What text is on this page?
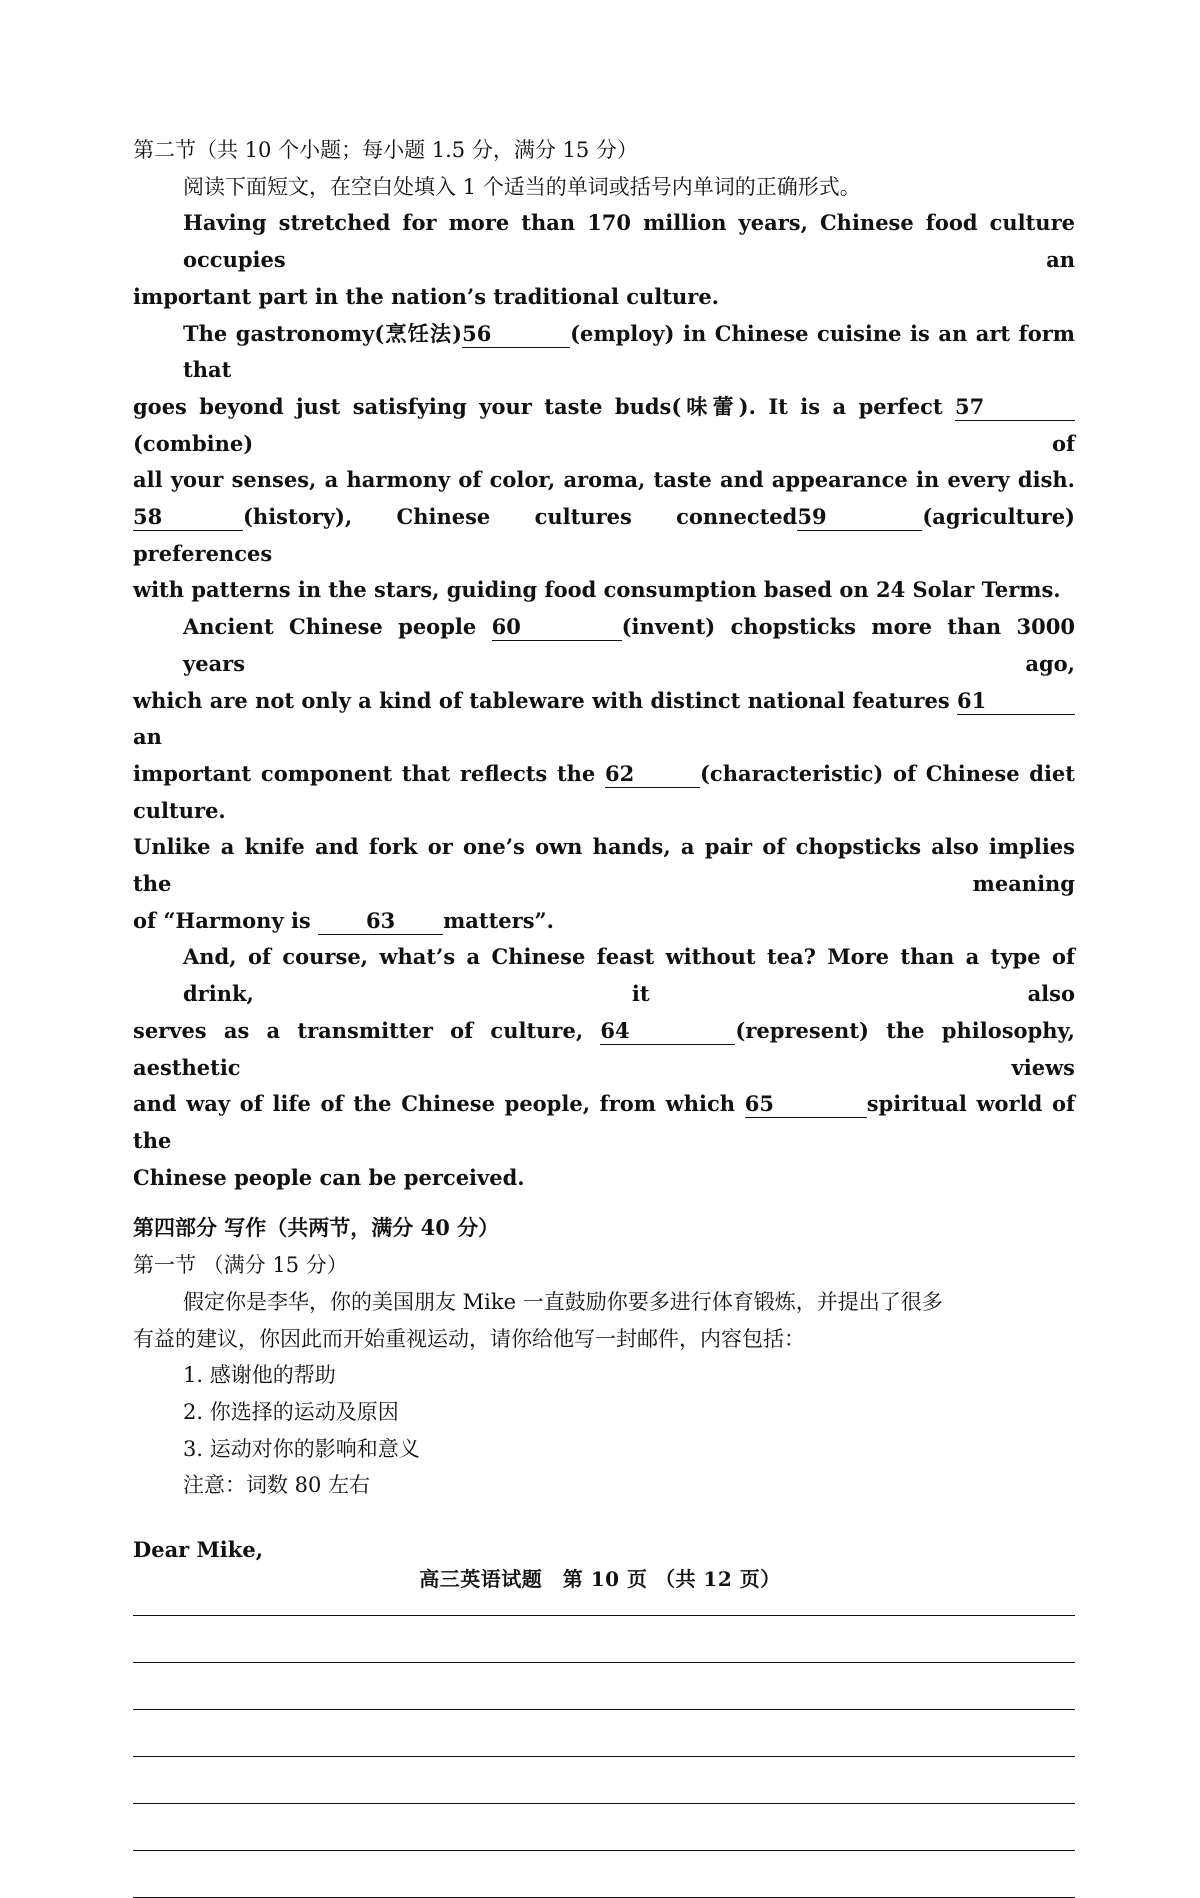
第二节（共 10 个小题；每小题 1.5 分，满分 15 分）
阅读下面短文，在空白处填入 1 个适当的单词或括号内单词的正确形式。
Having stretched for more than 170 million years, Chinese food culture occupies an
important part in the nation’s traditional culture.
The gastronomy(烹饪法)56	(employ) in Chinese cuisine is an art form that
goes beyond just satisfying your taste buds(味蕾). It is a perfect 57(combine) of
all your senses, a harmony of color, aroma, taste and appearance in every dish.
58	(history), Chinese cultures connected59	(agriculture) preferences
with patterns in the stars, guiding food consumption based on 24 Solar Terms.
Ancient Chinese people 60	(invent) chopsticks more than 3000 years ago,
which are not only a kind of tableware with distinct national features 61an
important component that reflects the 62	(characteristic) of Chinese diet culture.
Unlike a knife and fork or one’s own hands, a pair of chopsticks also implies the meaning
of “Harmony is	63 matters”.
And, of course, what’s a Chinese feast without tea? More than a type of drink, it also
serves as a transmitter of culture, 64	(represent) the philosophy, aesthetic views
and way of life of the Chinese people, from which 65	spiritual world of the
Chinese people can be perceived.
第四部分 写作（共两节，满分 40 分）
第一节 （满分 15 分）
假定你是李华，你的美国朋友 Mike 一直鼓励你要多进行体育锻炼，并提出了很多
有益的建议，你因此而开始重视运动，请你给他写一封邮件，内容包括：
1. 感谢他的帮助
2. 你选择的运动及原因
3. 运动对你的影响和意义
注意：词数 80 左右
Dear Mike,
高三英语试题　第 10 页 （共 12 页）
